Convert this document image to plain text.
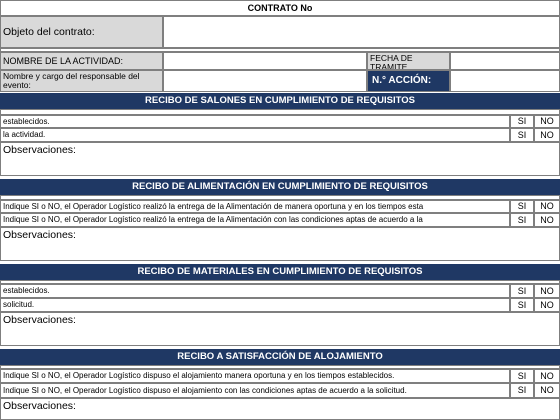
CONTRATO No
Objeto del contrato:
NOMBRE DE LA ACTIVIDAD:	FECHA DE TRAMITE
Nombre y cargo del responsable del evento:	N.° ACCIÓN:
RECIBO DE SALONES EN CUMPLIMIENTO DE REQUISITOS
establecidos.	SI	NO
la actividad.	SI	NO
Observaciones:
RECIBO DE ALIMENTACIÓN EN CUMPLIMIENTO DE REQUISITOS
Indique SI o NO, el Operador Logístico realizó la entrega de la Alimentación de manera oportuna y en los tiempos esta	SI	NO
Indique SI o NO, el Operador Logístico realizó la entrega de la Alimentación con las condiciones aptas de acuerdo a la	SI	NO
Observaciones:
RECIBO DE MATERIALES EN CUMPLIMIENTO DE REQUISITOS
establecidos.	SI	NO
solicitud.	SI	NO
Observaciones:
RECIBO A SATISFACCIÓN DE ALOJAMIENTO
Indique SI o NO, el Operador Logístico dispuso el alojamiento manera oportuna y en los tiempos establecidos.	SI	NO
Indique SI o NO, el Operador Logístico dispuso el alojamiento con las condiciones aptas de acuerdo a la solicitud.	SI	NO
Observaciones:
